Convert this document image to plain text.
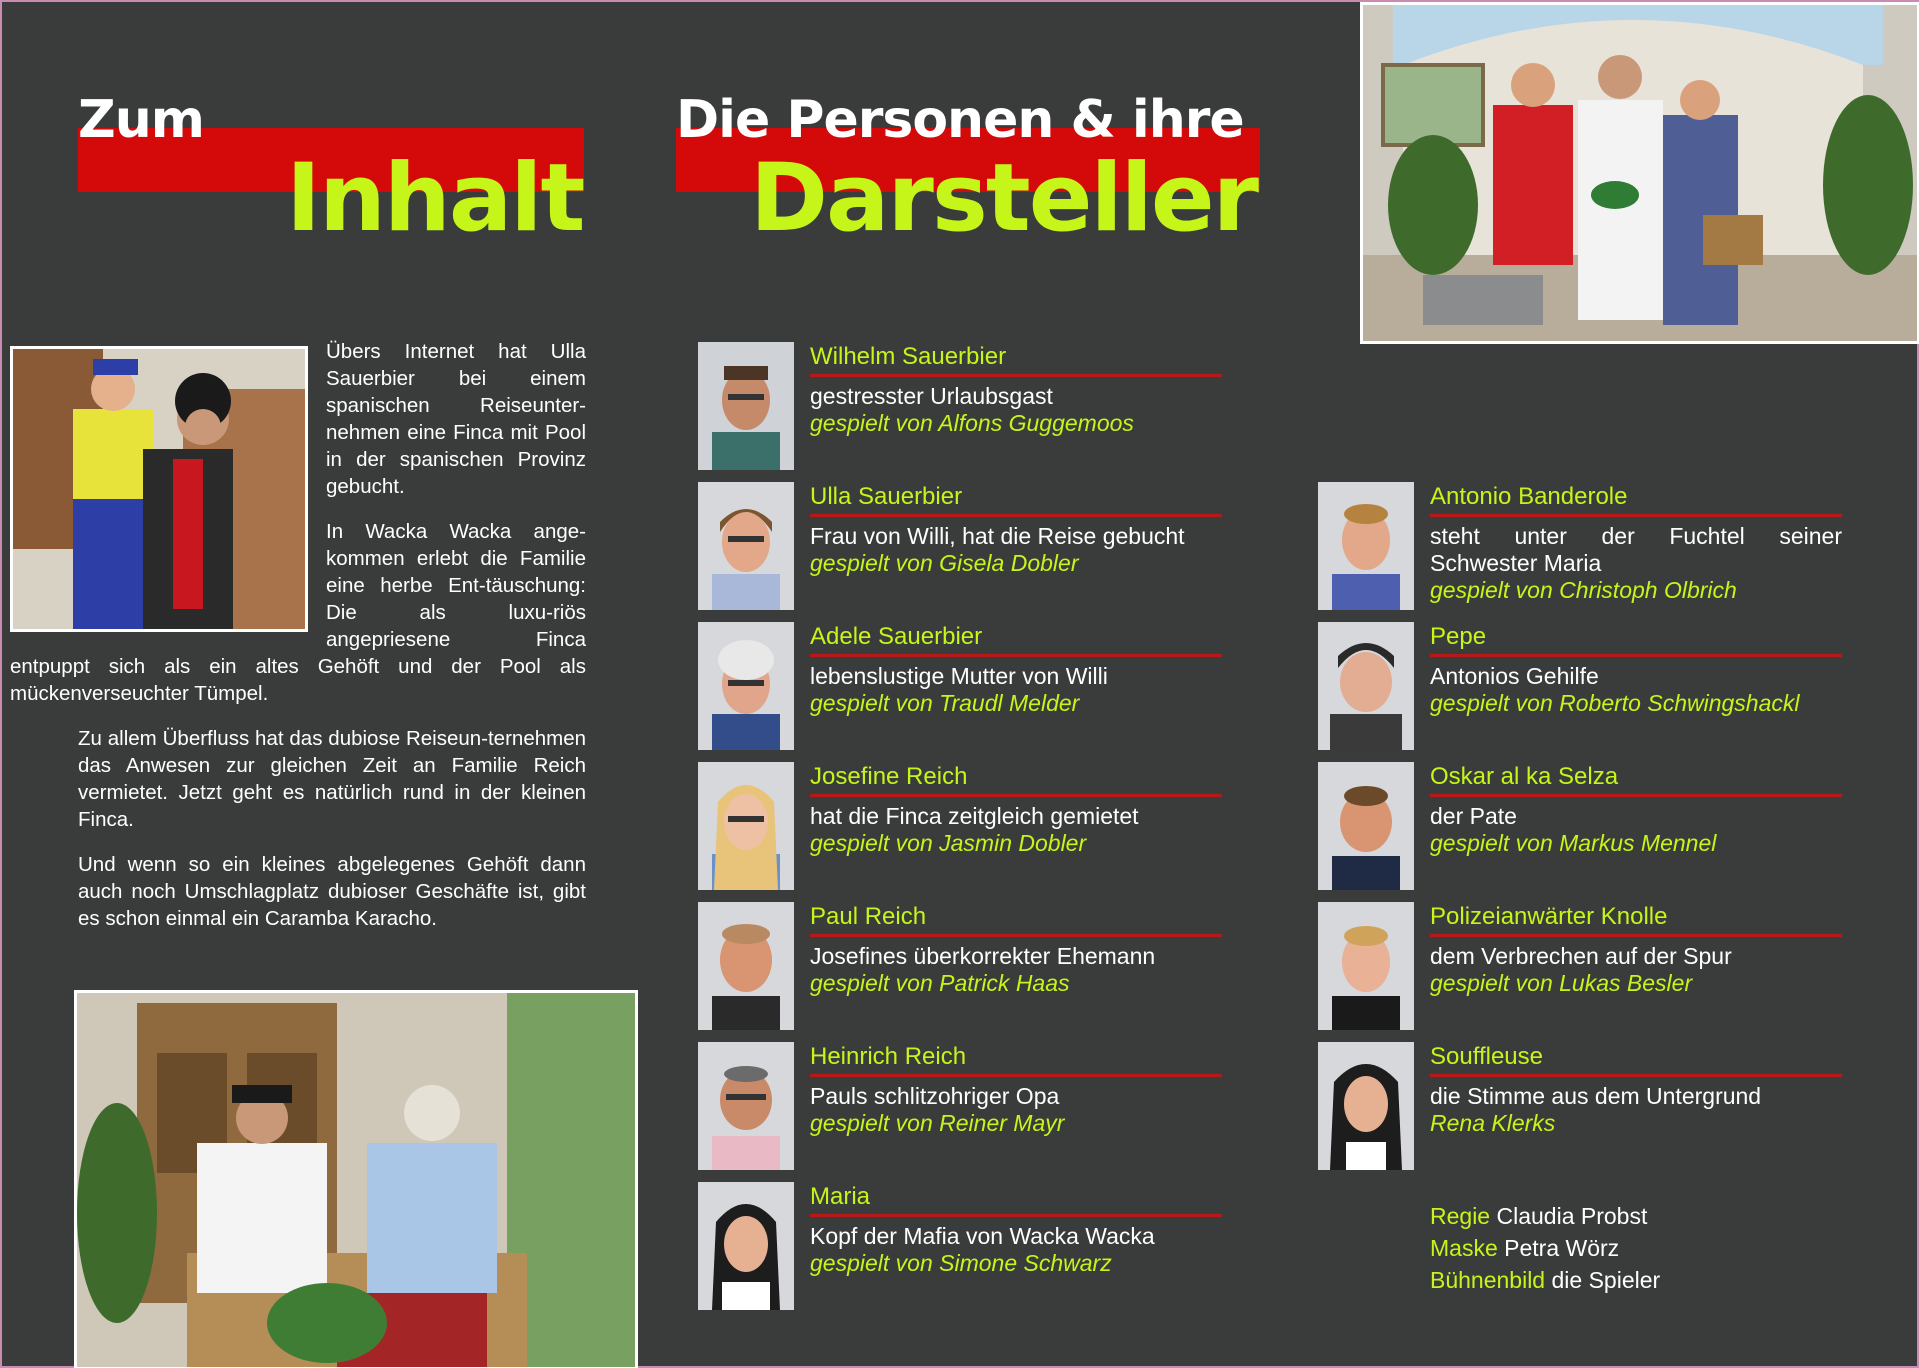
Zum
Inhalt
Die Personen & ihre
Darsteller

Übers Internet hat Ulla Sauerbier bei einem spanischen Reiseunter-nehmen eine Finca mit Pool in der spanischen Provinz gebucht.

In Wacka Wacka ange-kommen erlebt die Familie eine herbe Ent-täuschung: Die als luxu-riös angepriesene Finca entpuppt sich als ein altes Gehöft und der Pool als mückenverseuchter Tümpel.

Zu allem Überfluss hat das dubiose Reiseun-ternehmen das Anwesen zur gleichen Zeit an Familie Reich vermietet. Jetzt geht es natürlich rund in der kleinen Finca.

Und wenn so ein kleines abgelegenes Gehöft dann auch noch Umschlagplatz dubioser Geschäfte ist, gibt es schon einmal ein Caramba Karacho.

Wilhelm Sauerbier
gestresster Urlaubsgast
gespielt von Alfons Guggemoos
Ulla Sauerbier
Frau von Willi, hat die Reise gebucht
gespielt von Gisela Dobler
Adele Sauerbier
lebenslustige Mutter von Willi
gespielt von Traudl Melder
Josefine Reich
hat die Finca zeitgleich gemietet
gespielt von Jasmin Dobler
Paul Reich
Josefines überkorrekter Ehemann
gespielt von Patrick Haas
Heinrich Reich
Pauls schlitzohriger Opa
gespielt von Reiner Mayr
Maria
Kopf der Mafia von Wacka Wacka
gespielt von Simone Schwarz
Antonio Banderole
steht unter der Fuchtel seiner Schwester Maria
gespielt von Christoph Olbrich
Pepe
Antonios Gehilfe
gespielt von Roberto Schwingshackl
Oskar al ka Selza
der Pate
gespielt von Markus Mennel
Polizeianwärter Knolle
dem Verbrechen auf der Spur
gespielt von Lukas Besler
Souffleuse
die Stimme aus dem Untergrund
Rena Klerks
Regie Claudia Probst
Maske Petra Wörz
Bühnenbild die Spieler
